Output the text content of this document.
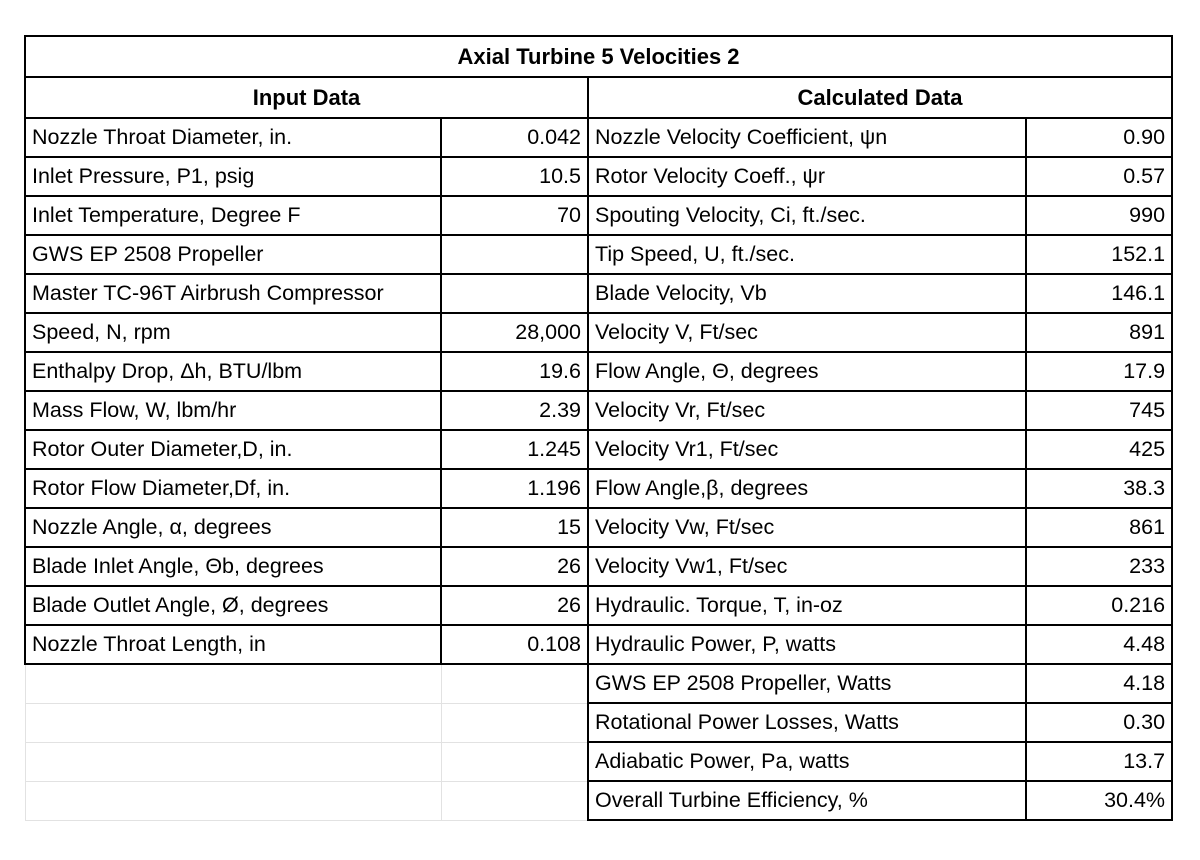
Axial Turbine 5 Velocities 2			
Input Data		Calculated Data	
Nozzle Throat Diameter, in.	0.042	Nozzle Velocity Coefficient, ψn	0.90
Inlet Pressure, P1, psig	10.5	Rotor Velocity Coeff., ψr	0.57
Inlet Temperature, Degree F	70	Spouting Velocity, Ci, ft./sec.	990
GWS EP 2508 Propeller		Tip Speed, U, ft./sec.	152.1
Master TC-96T Airbrush Compressor		Blade Velocity, Vb	146.1
Speed, N, rpm	28,000	Velocity V, Ft/sec	891
Enthalpy Drop, Δh, BTU/lbm	19.6	Flow Angle, Θ, degrees	17.9
Mass Flow, W, lbm/hr	2.39	Velocity Vr, Ft/sec	745
Rotor Outer Diameter,D, in.	1.245	Velocity Vr1, Ft/sec	425
Rotor Flow Diameter,Df, in.	1.196	Flow Angle,β, degrees	38.3
Nozzle Angle, α, degrees	15	Velocity Vw, Ft/sec	861
Blade Inlet Angle, Θb, degrees	26	Velocity Vw1, Ft/sec	233
Blade Outlet Angle, Ø, degrees	26	Hydraulic. Torque, T, in-oz	0.216
Nozzle Throat Length, in	0.108	Hydraulic Power, P, watts	4.48
		GWS EP 2508 Propeller, Watts	4.18
		Rotational Power Losses, Watts	0.30
		Adiabatic Power, Pa, watts	13.7
		Overall Turbine Efficiency, %	30.4%
